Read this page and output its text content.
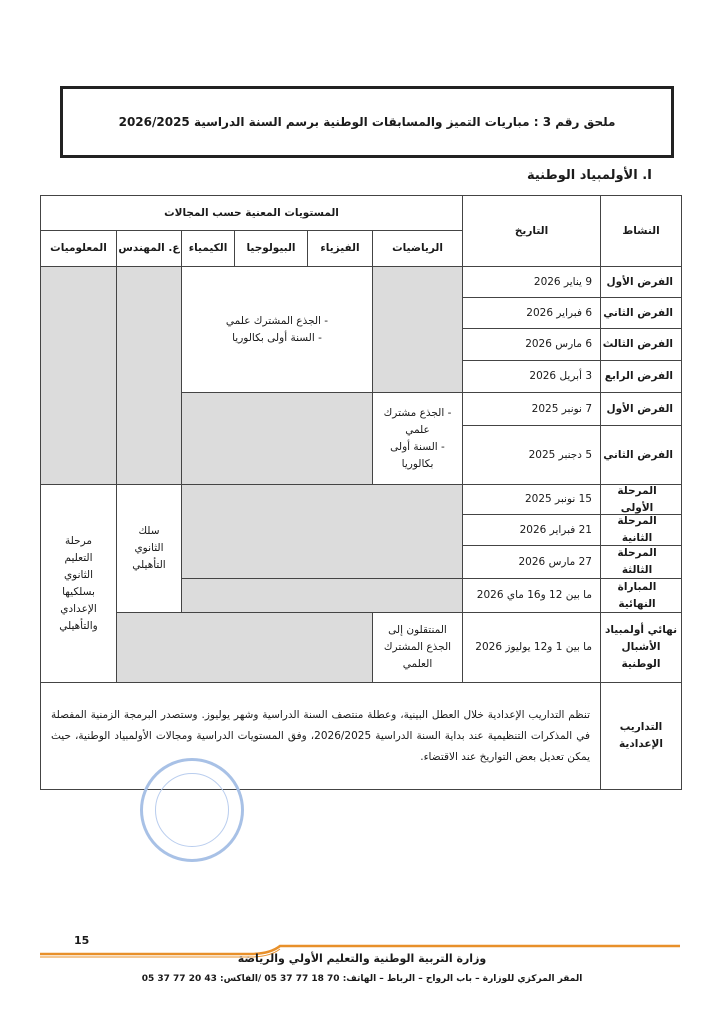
ملحق رقم 3 : مباريات التميز والمسابقات الوطنية برسم السنة الدراسية 2026/2025
I. الأولمبياد الوطنية
النشاط
التاريخ
المستويات المعنية حسب المجالات
الرياضيات
الفيزياء
البيولوجيا
الكيمياء
ع. المهندس
المعلوميات
الفرض الأول
9 يناير 2026
الفرض الثاني
6 فبراير 2026
الفرض الثالث
6 مارس 2026
الفرض الرابع
3 أبريل 2026
الفرض الأول
7 نونبر 2025
الفرض الثاني
5 دجنبر 2025
المرحلة الأولى
15 نونبر 2025
المرحلة الثانية
21 فبراير 2026
المرحلة الثالثة
27 مارس 2026
المباراة النهائية
ما بين 12 و16 ماي 2026
نهائي أولمبياد
الأشبال
الوطنية
ما بين 1 و12 يوليوز 2026
- الجذع المشترك علمي
- السنة أولى بكالوريا
- الجذع مشترك
علمي
- السنة أولى
بكالوريا
سلك
الثانوي
التأهيلي
مرحلة
التعليم
الثانوي
بسلكيها
الإعدادي
والتأهيلي	المنتقلون إلى
الجذع المشترك
العلمي
التداريب
الإعدادية
تنظم التداريب الإعدادية خلال العطل البينية، وعطلة منتصف السنة الدراسية وشهر يوليوز. وستصدر البرمجة الزمنية المفصلة في المذكرات التنظيمية عند بداية السنة الدراسية 2026/2025، وفق المستويات الدراسية ومجالات الأولمبياد الوطنية، حيث يمكن تعديل بعض التواريخ عند الاقتضاء.
15
وزارة التربية الوطنية والتعليم الأولي والرياضة
المقر المركزي للوزارة – باب الرواح – الرباط – الهاتف: 70 18 77 37 05 /الفاكس: 43 20 77 37 05
